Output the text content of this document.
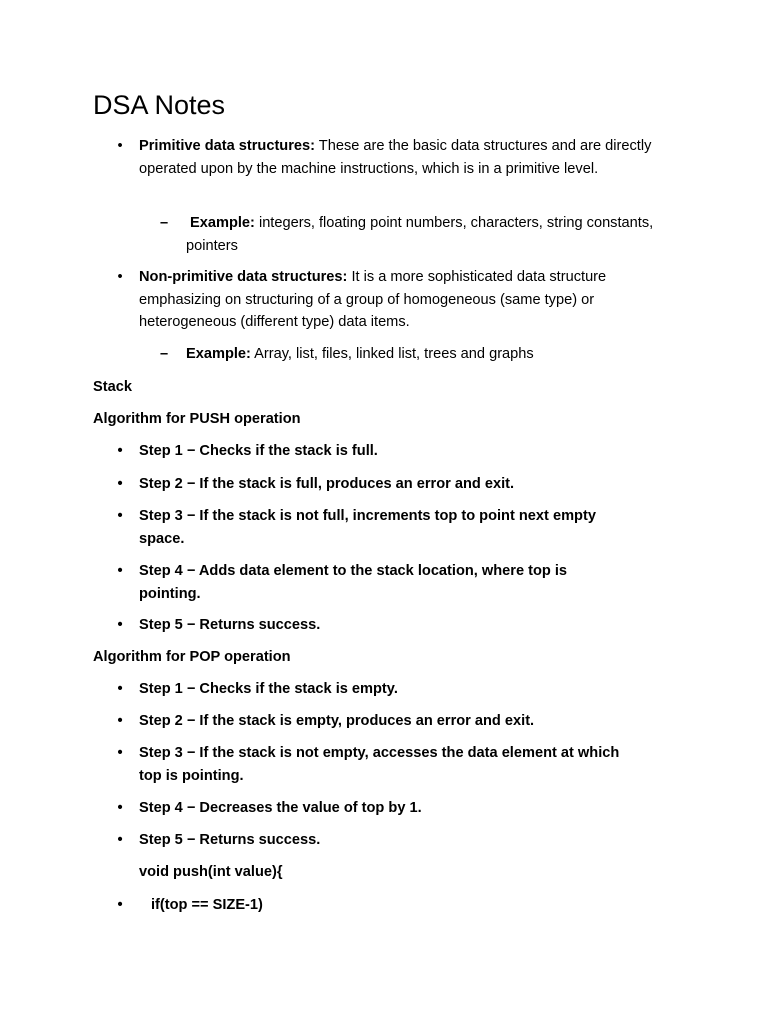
DSA Notes
• Primitive data structures: These are the basic data structures and are directly operated upon by the machine instructions, which is in a primitive level.
– Example: integers, floating point numbers, characters, string constants, pointers
• Non-primitive data structures: It is a more sophisticated data structure emphasizing on structuring of a group of homogeneous (same type) or heterogeneous (different type) data items.
– Example: Array, list, files, linked list, trees and graphs
Stack
Algorithm for PUSH operation
• Step 1 − Checks if the stack is full.
• Step 2 − If the stack is full, produces an error and exit.
• Step 3 − If the stack is not full, increments top to point next empty space.
• Step 4 − Adds data element to the stack location, where top is pointing.
• Step 5 − Returns success.
Algorithm for POP operation
• Step 1 − Checks if the stack is empty.
• Step 2 − If the stack is empty, produces an error and exit.
• Step 3 − If the stack is not empty, accesses the data element at which top is pointing.
• Step 4 − Decreases the value of top by 1.
• Step 5 − Returns success.
void push(int value){
• if(top == SIZE-1)
